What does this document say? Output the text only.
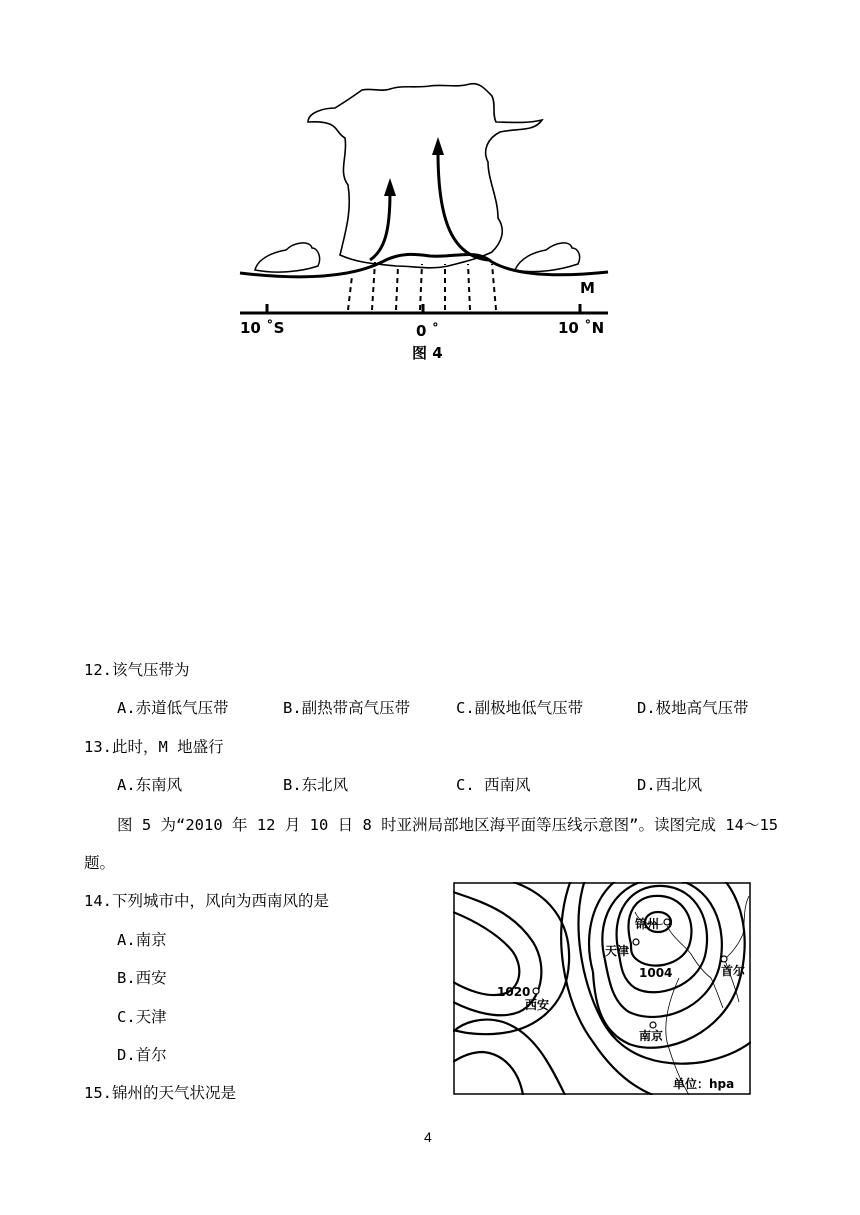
M
10 ˚S	0 ˚	10 ˚N
图 4
12.该气压带为
A.赤道低气压带	B.副热带高气压带	C.副极地低气压带	D.极地高气压带
13.此时，M 地盛行
A.东南风	B.东北风	C. 西南风	D.西北风
图 5 为“2010 年 12 月 10 日 8 时亚洲局部地区海平面等压线示意图”。读图完成 14～15
题。
14.下列城市中，风向为西南风的是
A.南京
B.西安
C.天津
D.首尔
15.锦州的天气状况是
锦州
天津
1004	首尔
1020
西安
南京
单位：hpa
4
